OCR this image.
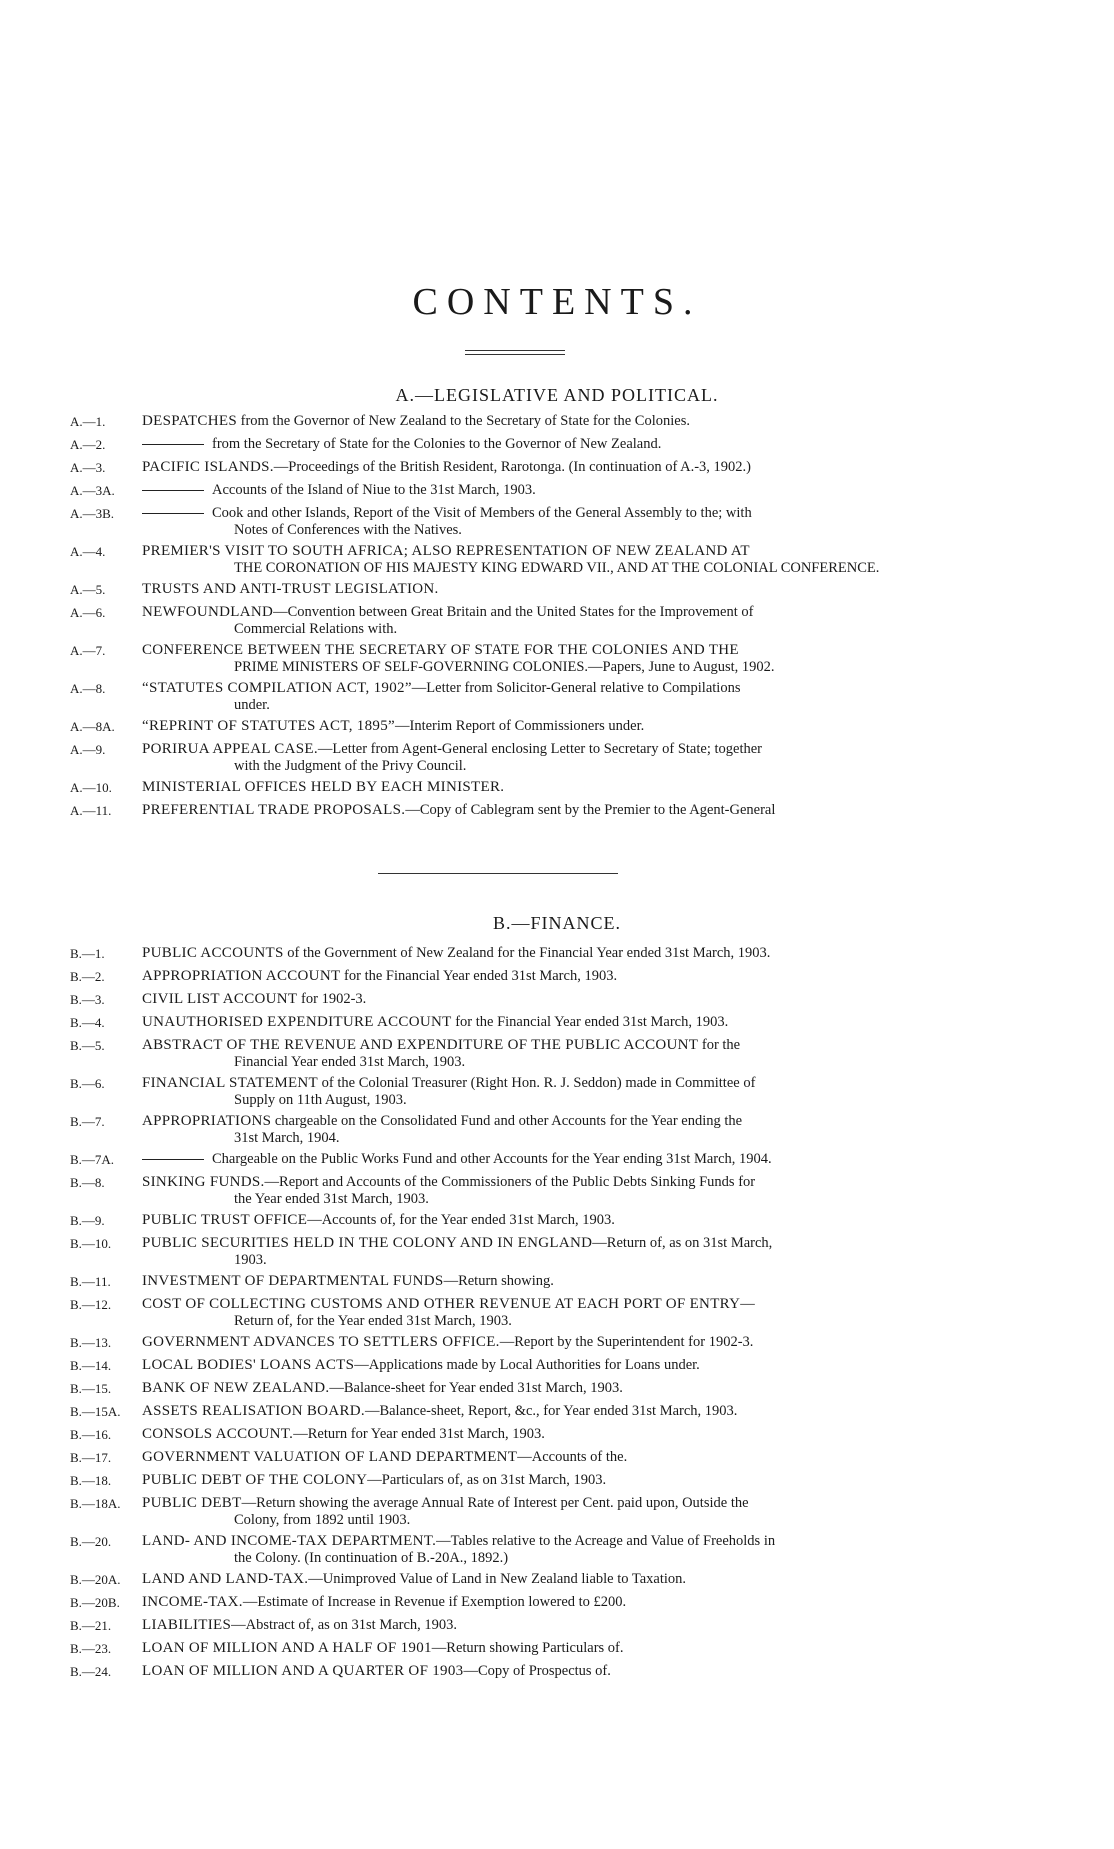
CONTENTS.
A.—LEGISLATIVE AND POLITICAL.
A.—1.	DESPATCHES from the Governor of New Zealand to the Secretary of State for the Colonies.
A.—2.	from the Secretary of State for the Colonies to the Governor of New Zealand.
A.—3.	PACIFIC ISLANDS.—Proceedings of the British Resident, Rarotonga. (In continuation of A.-3, 1902.)
A.—3A.	Accounts of the Island of Niue to the 31st March, 1903.
A.—3B.	Cook and other Islands, Report of the Visit of Members of the General Assembly to the; with
Notes of Conferences with the Natives.
A.—4.	PREMIER'S VISIT TO SOUTH AFRICA; ALSO REPRESENTATION OF NEW ZEALAND AT
THE CORONATION OF HIS MAJESTY KING EDWARD VII., AND AT THE COLONIAL CONFERENCE.
A.—5.	TRUSTS AND ANTI-TRUST LEGISLATION.
A.—6.	NEWFOUNDLAND—Convention between Great Britain and the United States for the Improvement of
Commercial Relations with.
A.—7.	CONFERENCE BETWEEN THE SECRETARY OF STATE FOR THE COLONIES AND THE
PRIME MINISTERS OF SELF-GOVERNING COLONIES.—Papers, June to August, 1902.
A.—8.	“STATUTES COMPILATION ACT, 1902”—Letter from Solicitor-General relative to Compilations
under.
A.—8A.	“REPRINT OF STATUTES ACT, 1895”—Interim Report of Commissioners under.
A.—9.	PORIRUA APPEAL CASE.—Letter from Agent-General enclosing Letter to Secretary of State; together
with the Judgment of the Privy Council.
A.—10.	MINISTERIAL OFFICES HELD BY EACH MINISTER.
A.—11.	PREFERENTIAL TRADE PROPOSALS.—Copy of Cablegram sent by the Premier to the Agent-General
B.—FINANCE.
B.—1.	PUBLIC ACCOUNTS of the Government of New Zealand for the Financial Year ended 31st March, 1903.
B.—2.	APPROPRIATION ACCOUNT for the Financial Year ended 31st March, 1903.
B.—3.	CIVIL LIST ACCOUNT for 1902-3.
B.—4.	UNAUTHORISED EXPENDITURE ACCOUNT for the Financial Year ended 31st March, 1903.
B.—5.	ABSTRACT OF THE REVENUE AND EXPENDITURE OF THE PUBLIC ACCOUNT for the
Financial Year ended 31st March, 1903.
B.—6.	FINANCIAL STATEMENT of the Colonial Treasurer (Right Hon. R. J. Seddon) made in Committee of
Supply on 11th August, 1903.
B.—7.	APPROPRIATIONS chargeable on the Consolidated Fund and other Accounts for the Year ending the
31st March, 1904.
B.—7A.	Chargeable on the Public Works Fund and other Accounts for the Year ending 31st March, 1904.
B.—8.	SINKING FUNDS.—Report and Accounts of the Commissioners of the Public Debts Sinking Funds for
the Year ended 31st March, 1903.
B.—9.	PUBLIC TRUST OFFICE—Accounts of, for the Year ended 31st March, 1903.
B.—10.	PUBLIC SECURITIES HELD IN THE COLONY AND IN ENGLAND—Return of, as on 31st March,
1903.
B.—11.	INVESTMENT OF DEPARTMENTAL FUNDS—Return showing.
B.—12.	COST OF COLLECTING CUSTOMS AND OTHER REVENUE AT EACH PORT OF ENTRY—
Return of, for the Year ended 31st March, 1903.
B.—13.	GOVERNMENT ADVANCES TO SETTLERS OFFICE.—Report by the Superintendent for 1902-3.
B.—14.	LOCAL BODIES' LOANS ACTS—Applications made by Local Authorities for Loans under.
B.—15.	BANK OF NEW ZEALAND.—Balance-sheet for Year ended 31st March, 1903.
B.—15A.	ASSETS REALISATION BOARD.—Balance-sheet, Report, &c., for Year ended 31st March, 1903.
B.—16.	CONSOLS ACCOUNT.—Return for Year ended 31st March, 1903.
B.—17.	GOVERNMENT VALUATION OF LAND DEPARTMENT—Accounts of the.
B.—18.	PUBLIC DEBT OF THE COLONY—Particulars of, as on 31st March, 1903.
B.—18A.	PUBLIC DEBT—Return showing the average Annual Rate of Interest per Cent. paid upon, Outside the
Colony, from 1892 until 1903.
B.—20.	LAND- AND INCOME-TAX DEPARTMENT.—Tables relative to the Acreage and Value of Freeholds in
the Colony. (In continuation of B.-20A., 1892.)
B.—20A.	LAND AND LAND-TAX.—Unimproved Value of Land in New Zealand liable to Taxation.
B.—20B.	INCOME-TAX.—Estimate of Increase in Revenue if Exemption lowered to £200.
B.—21.	LIABILITIES—Abstract of, as on 31st March, 1903.
B.—23.	LOAN OF MILLION AND A HALF OF 1901—Return showing Particulars of.
B.—24.	LOAN OF MILLION AND A QUARTER OF 1903—Copy of Prospectus of.
